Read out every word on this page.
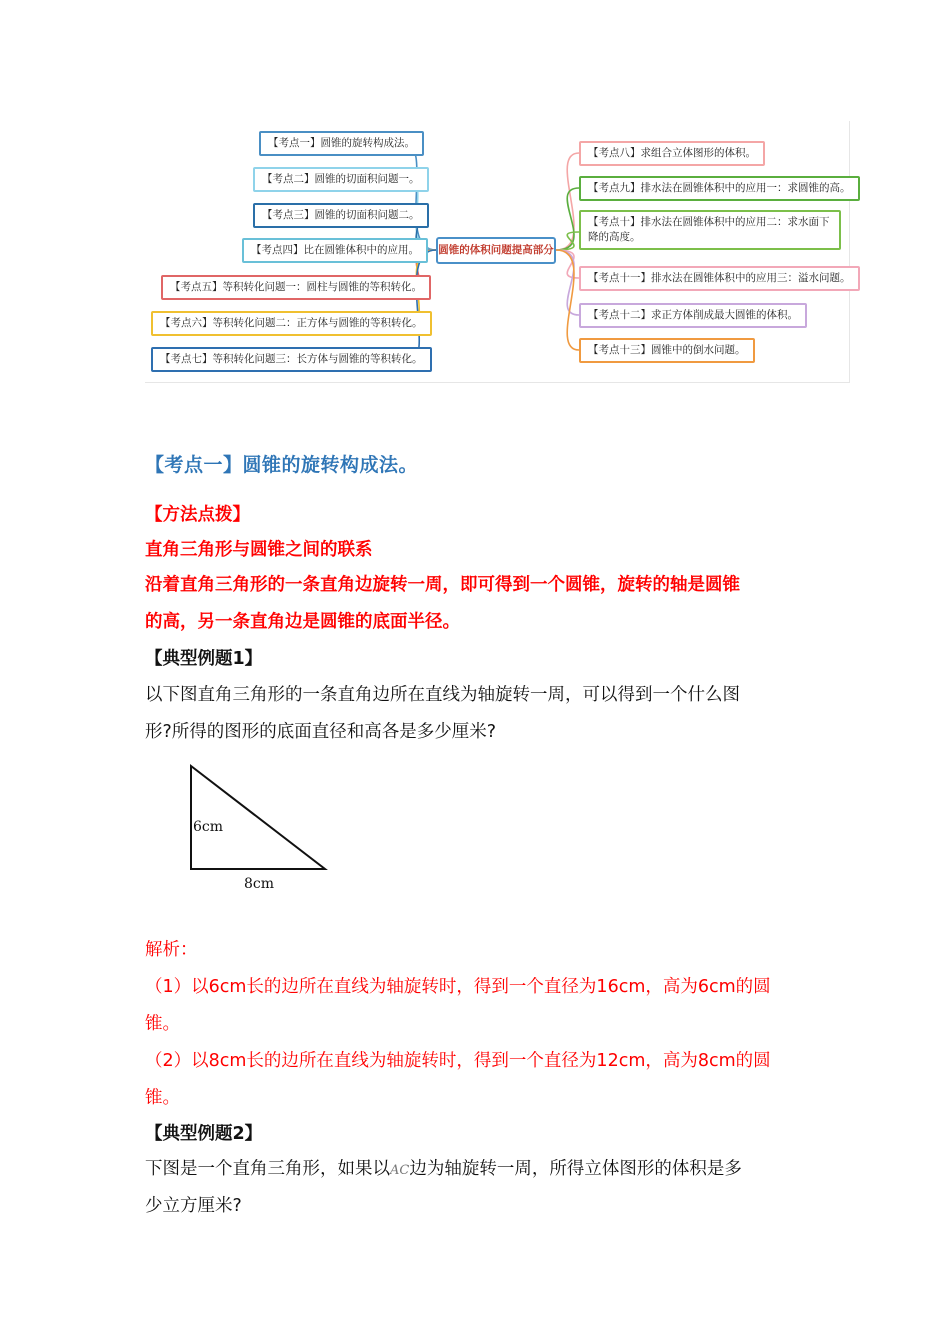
圆锥的体积问题提高部分
【考点一】圆锥的旋转构成法。
【考点二】圆锥的切面积问题一。
【考点三】圆锥的切面积问题二。
【考点四】比在圆锥体积中的应用。
【考点五】等积转化问题一：圆柱与圆锥的等积转化。
【考点六】等积转化问题二：正方体与圆锥的等积转化。
【考点七】等积转化问题三：长方体与圆锥的等积转化。
【考点八】求组合立体图形的体积。
【考点九】排水法在圆锥体积中的应用一：求圆锥的高。
【考点十】排水法在圆锥体积中的应用二：求水面下降的高度。
【考点十一】排水法在圆锥体积中的应用三：溢水问题。
【考点十二】求正方体削成最大圆锥的体积。
【考点十三】圆锥中的倒水问题。
【考点一】圆锥的旋转构成法。
【方法点拨】
直角三角形与圆锥之间的联系
沿着直角三角形的一条直角边旋转一周，即可得到一个圆锥，旋转的轴是圆锥
的高，另一条直角边是圆锥的底面半径。
【典型例题1】
以下图直角三角形的一条直角边所在直线为轴旋转一周，可以得到一个什么图
形?所得的图形的底面直径和高各是多少厘米?
6cm
8cm
解析：
（1）以6cm长的边所在直线为轴旋转时，得到一个直径为16cm，高为6cm的圆
锥。
（2）以8cm长的边所在直线为轴旋转时，得到一个直径为12cm，高为8cm的圆
锥。
【典型例题2】
下图是一个直角三角形，如果以AC边为轴旋转一周，所得立体图形的体积是多
少立方厘米?
